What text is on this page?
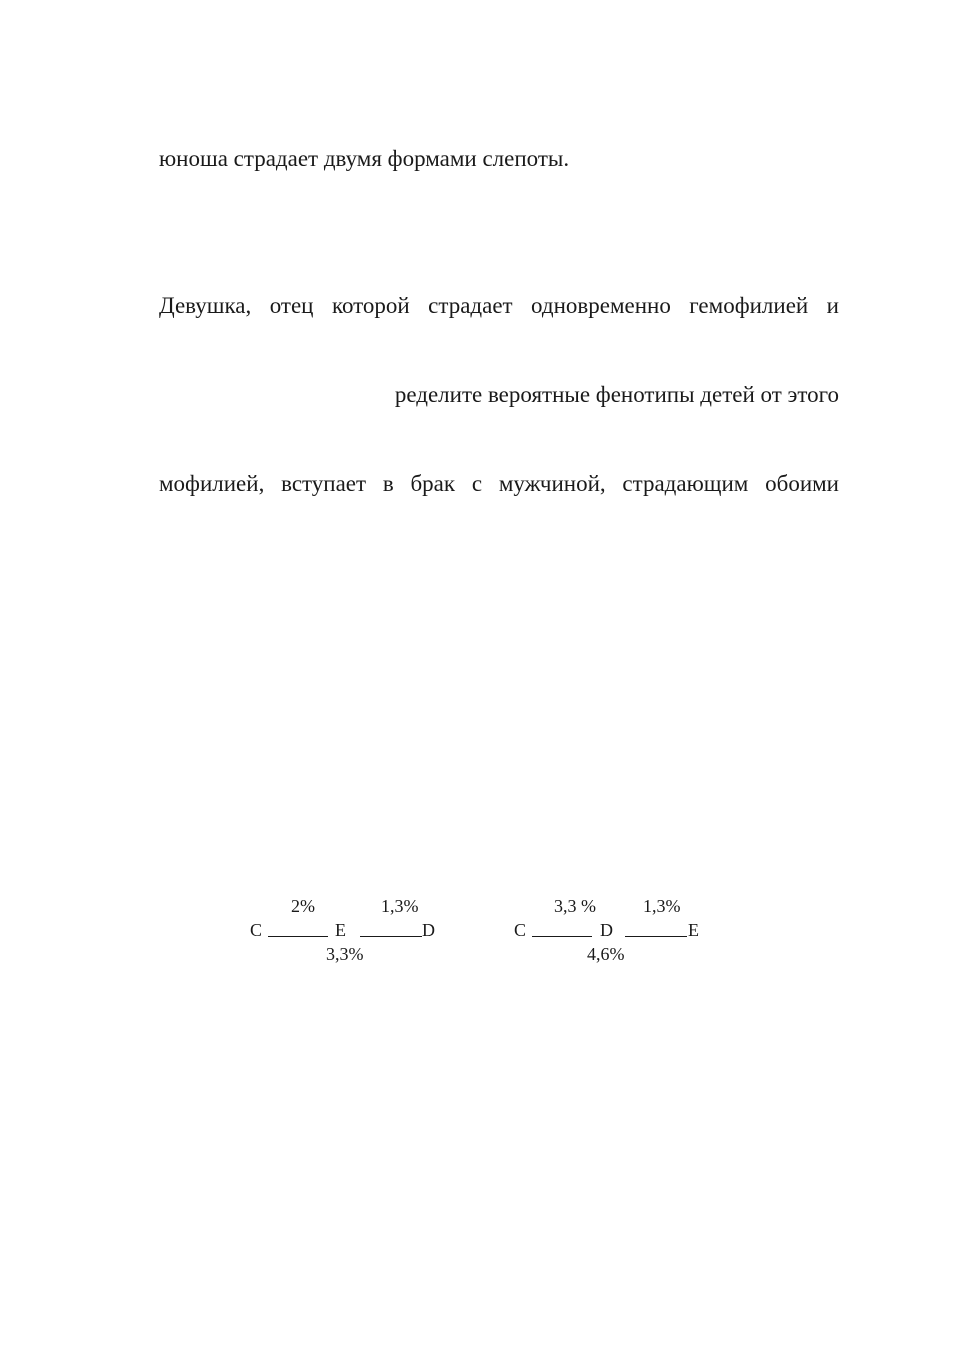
юноша страдает двумя формами слепоты.
Девушка, отец которой страдает одновременно гемофилией и
ределите вероятные фенотипы детей от этого
мофилией, вступает в брак с мужчиной, страдающим обоими
2%	1,3%
C	E	D
3,3%
3,3 %	1,3%
C	D	E
4,6%
